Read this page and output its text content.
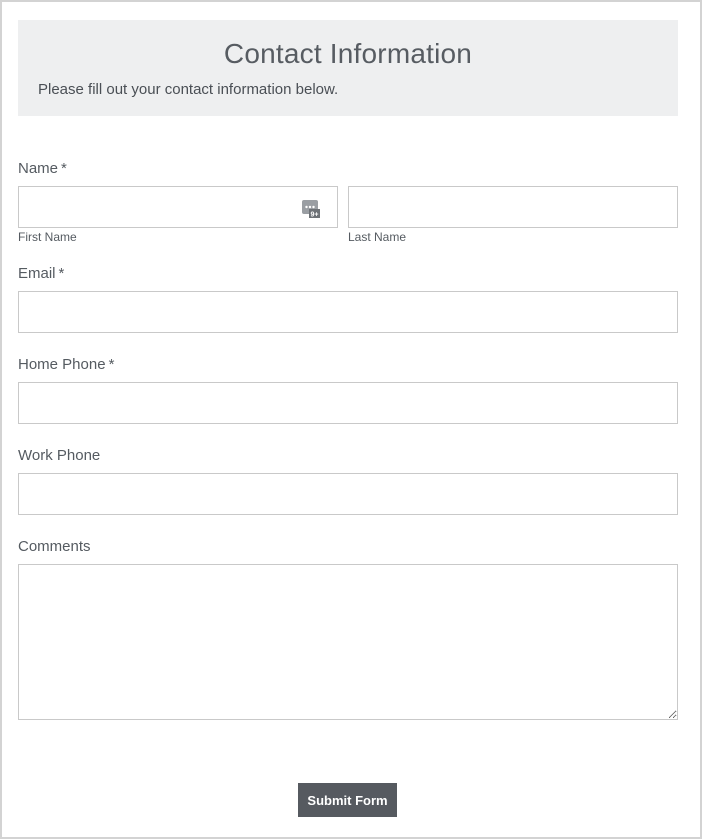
Contact Information
Please fill out your contact information below.
Name *
9+
First Name	Last Name
Email *
Home Phone *
Work Phone
Comments
Submit Form
